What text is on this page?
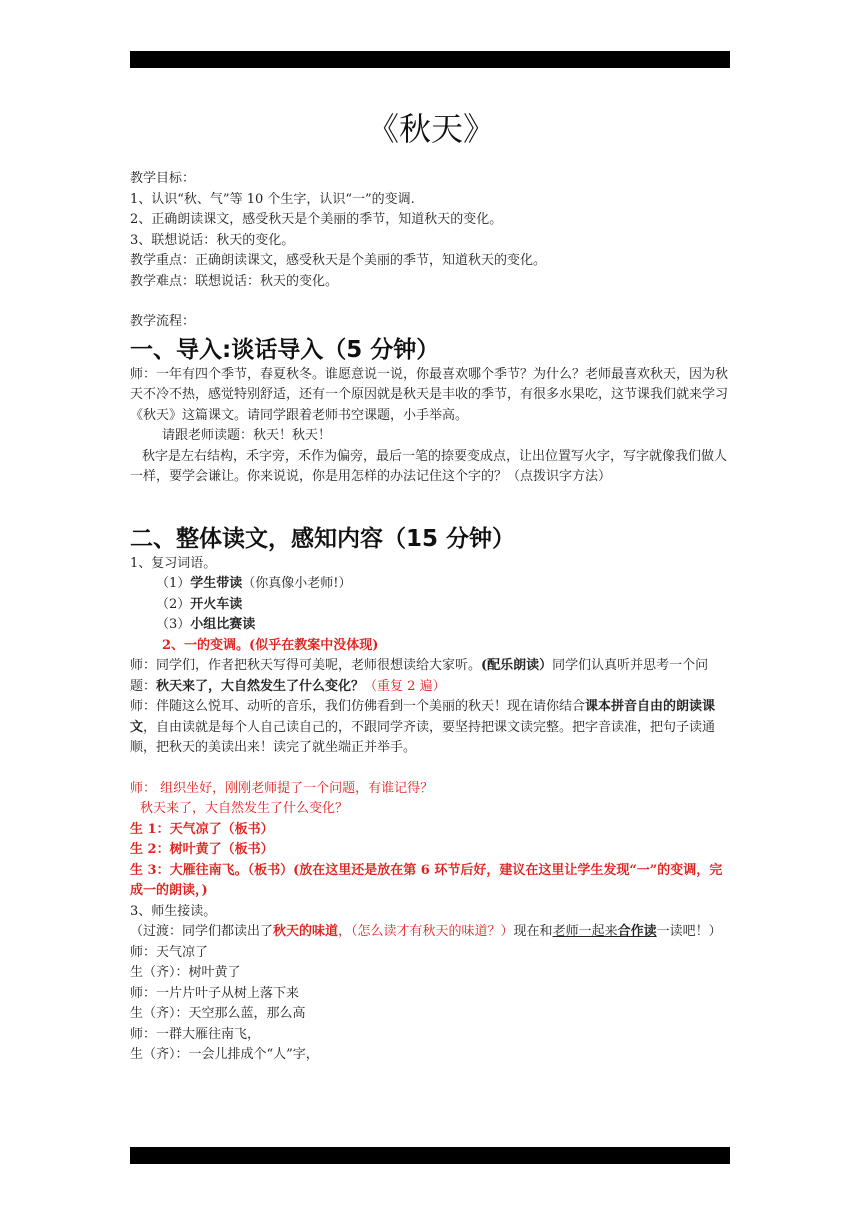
《秋天》

教学目标：

1、认识“秋、气”等 10 个生字，认识“一”的变调.

2、正确朗读课文，感受秋天是个美丽的季节，知道秋天的变化。

3、联想说话：秋天的变化。

教学重点：正确朗读课文，感受秋天是个美丽的季节，知道秋天的变化。

教学难点：联想说话：秋天的变化。

教学流程：

一、导入:谈话导入（5 分钟）

师：一年有四个季节，春夏秋冬。谁愿意说一说，你最喜欢哪个季节？为什么？老师最喜欢秋天，因为秋天不冷不热，感觉特别舒适，还有一个原因就是秋天是丰收的季节，有很多水果吃，这节课我们就来学习《秋天》这篇课文。请同学跟着老师书空课题，小手举高。

请跟老师读题：秋天！秋天！

秋字是左右结构，禾字旁，禾作为偏旁，最后一笔的捺要变成点，让出位置写火字，写字就像我们做人一样，要学会谦让。你来说说，你是用怎样的办法记住这个字的？（点拨识字方法）

二、整体读文，感知内容（15 分钟）

1、复习词语。

（1）学生带读（你真像小老师!）

（2）开火车读

（3）小组比赛读

2、一的变调。(似乎在教案中没体现)

师：同学们，作者把秋天写得可美呢，老师很想读给大家听。(配乐朗读）同学们认真听并思考一个问题：秋天来了，大自然发生了什么变化？（重复 2 遍）

师：伴随这么悦耳、动听的音乐，我们仿佛看到一个美丽的秋天！现在请你结合课本拼音自由的朗读课文，自由读就是每个人自己读自己的，不跟同学齐读，要坚持把课文读完整。把字音读准，把句子读通顺，把秋天的美读出来！读完了就坐端正并举手。

师： 组织坐好，刚刚老师提了一个问题，有谁记得？

秋天来了，大自然发生了什么变化？

生 1：天气凉了（板书）

生 2：树叶黄了（板书）

生 3：大雁往南飞。（板书）(放在这里还是放在第 6 环节后好，建议在这里让学生发现“一”的变调，完成一的朗读，)

3、师生接读。

（过渡：同学们都读出了秋天的味道，（怎么读才有秋天的味道？）现在和老师一起来合作读一读吧！）

师：天气凉了

生（齐）：树叶黄了

师：一片片叶子从树上落下来

生（齐）：天空那么蓝，那么高

师：一群大雁往南飞，

生（齐）：一会儿排成个“人”字，
